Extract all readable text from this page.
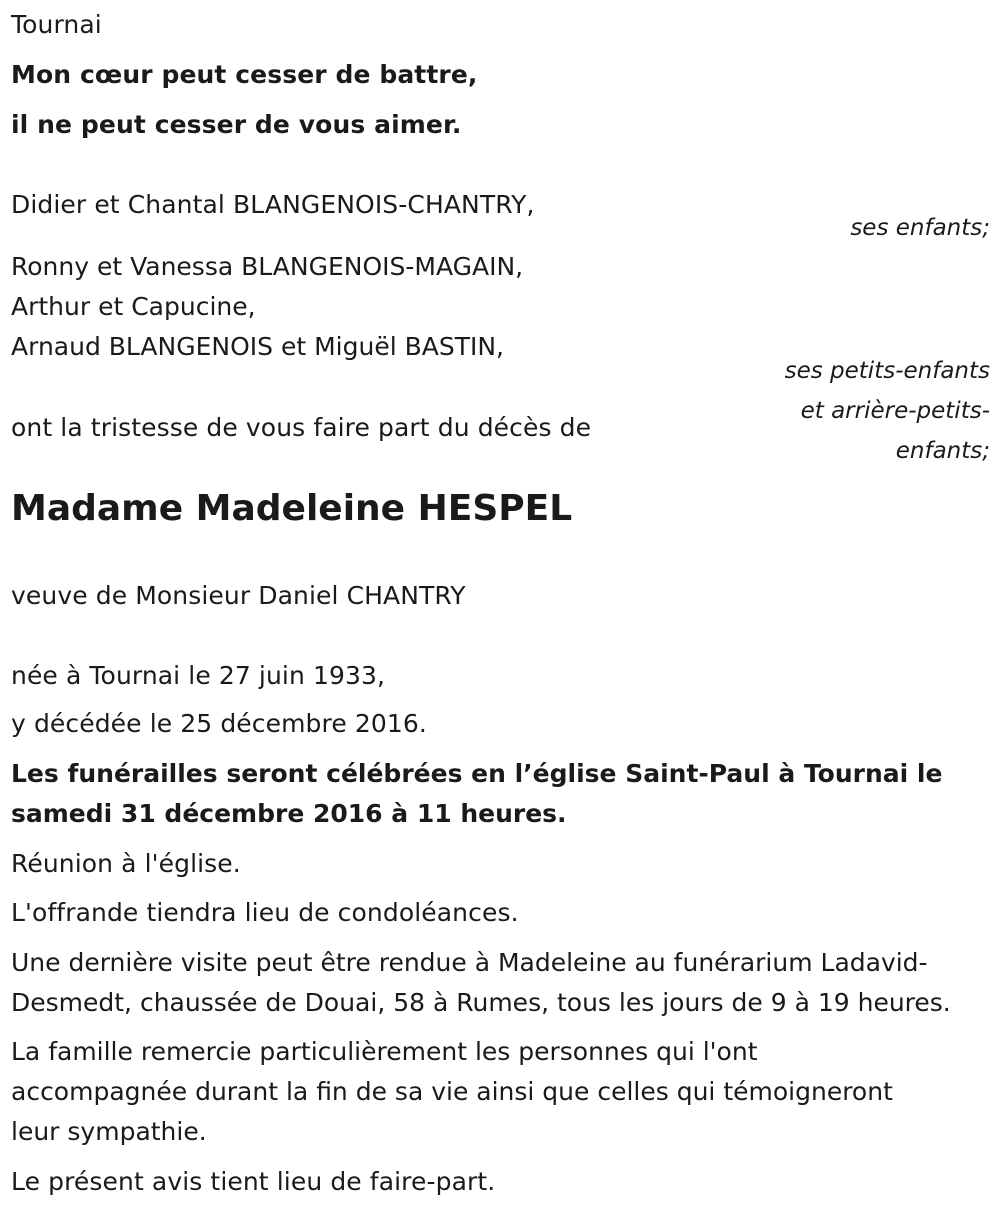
Tournai

Mon cœur peut cesser de battre,

il ne peut cesser de vous aimer.

Didier et Chantal BLANGENOIS-CHANTRY,

ses enfants;

Ronny et Vanessa BLANGENOIS-MAGAIN,
Arthur et Capucine,
Arnaud BLANGENOIS et Miguël BASTIN,
ses petits-enfants
et arrière-petits-
enfants;

ont la tristesse de vous faire part du décès de

Madame Madeleine HESPEL

veuve de Monsieur Daniel CHANTRY

née à Tournai le 27 juin 1933,

y décédée le 25 décembre 2016.

Les funérailles seront célébrées en l’église Saint-Paul à Tournai le
samedi 31 décembre 2016 à 11 heures.

Réunion à l'église.

L'offrande tiendra lieu de condoléances.

Une dernière visite peut être rendue à Madeleine au funérarium Ladavid-
Desmedt, chaussée de Douai, 58 à Rumes, tous les jours de 9 à 19 heures.
La famille remercie particulièrement les personnes qui l'ont
accompagnée durant la fin de sa vie ainsi que celles qui témoigneront
leur sympathie.

Le présent avis tient lieu de faire-part.
